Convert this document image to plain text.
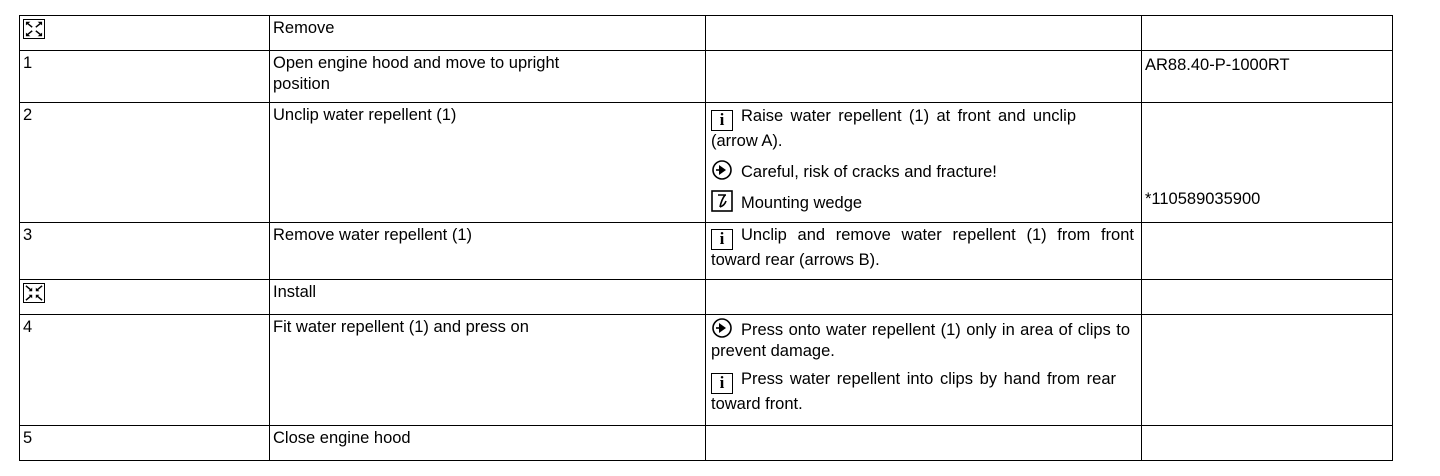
Remove		

1	Open engine hood and move to upright position		AR88.40-P-1000RT

2	Unclip water repellent (1)	i Raise water repellent (1) at front and unclip (arrow A).
Careful, risk of cracks and fracture!
Mounting wedge	*110589035900

3	Remove water repellent (1)	i Unclip and remove water repellent (1) from front toward rear (arrows B).	

Install		

4	Fit water repellent (1) and press on	Press onto water repellent (1) only in area of clips to prevent damage.
i Press water repellent into clips by hand from rear toward front.	

5	Close engine hood		
